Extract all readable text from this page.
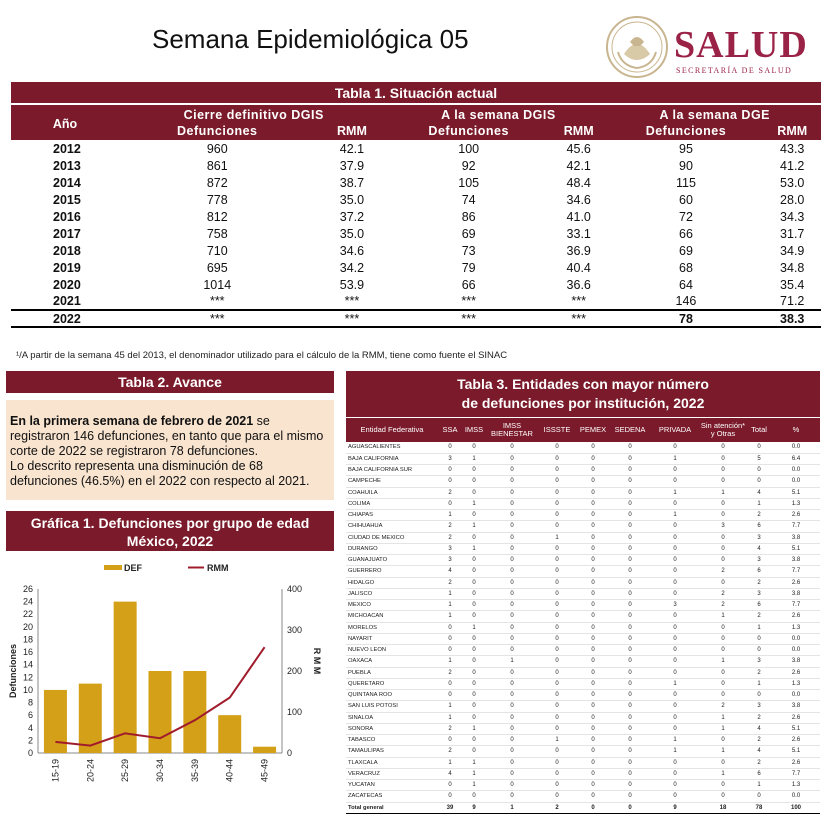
Semana Epidemiológica 05	SALUD
SECRETARÍA DE SALUD
Tabla 1. Situación actual						
Año	Cierre definitivo DGIS		A la semana DGIS		A la semana DGE	
	Defunciones	RMM	Defunciones	RMM	Defunciones	RMM
2012	960	42.1	100	45.6	95	43.3
2013	861	37.9	92	42.1	90	41.2
2014	872	38.7	105	48.4	115	53.0
2015	778	35.0	74	34.6	60	28.0
2016	812	37.2	86	41.0	72	34.3
2017	758	35.0	69	33.1	66	31.7
2018	710	34.6	73	36.9	69	34.9
2019	695	34.2	79	40.4	68	34.8
2020	1014	53.9	66	36.6	64	35.4
2021	***	***	***	***	146	71.2
2022	***	***	***	***	78	38.3
¹/A partir de la semana 45 del 2013, el denominador utilizado para el cálculo de la RMM, tiene como fuente el SINAC
Tabla 2. Avance
En la primera semana de febrero de 2021 se registraron 146 defunciones, en tanto que para el mismo corte de 2022 se registraron 78 defunciones.
Lo descrito representa una disminución de 68 defunciones (46.5%) en el 2022 con respecto al 2021.
Gráfica 1. Defunciones por grupo de edad
México, 2022
0
2
4
6
8
10
12
14
16
18
20
22
24
26
0
100
200
300
400
15-19	20-24	25-29	30-34	35-39	40-44	45-49
Defunciones	R M M
DEF	RMM
Tabla 3. Entidades con mayor número
de defunciones por institución, 2022
Entidad Federativa	SSA	IMSS	IMSS BIENESTAR	ISSSTE	PEMEX	SEDENA	PRIVADA	Sin atención* y Otras	Total	%
AGUASCALIENTES	0	0	0	0	0	0	0	0	0	0.0
BAJA CALIFORNIA	3	1	0	0	0	0	1	0	5	6.4
BAJA CALIFORNIA SUR	0	0	0	0	0	0	0	0	0	0.0
CAMPECHE	0	0	0	0	0	0	0	0	0	0.0
COAHUILA	2	0	0	0	0	0	1	1	4	5.1
COLIMA	0	1	0	0	0	0	0	0	1	1.3
CHIAPAS	1	0	0	0	0	0	1	0	2	2.6
CHIHUAHUA	2	1	0	0	0	0	0	3	6	7.7
CIUDAD DE MEXICO	2	0	0	1	0	0	0	0	3	3.8
DURANGO	3	1	0	0	0	0	0	0	4	5.1
GUANAJUATO	3	0	0	0	0	0	0	0	3	3.8
GUERRERO	4	0	0	0	0	0	0	2	6	7.7
HIDALGO	2	0	0	0	0	0	0	0	2	2.6
JALISCO	1	0	0	0	0	0	0	2	3	3.8
MEXICO	1	0	0	0	0	0	3	2	6	7.7
MICHOACAN	1	0	0	0	0	0	0	1	2	2.6
MORELOS	0	1	0	0	0	0	0	0	1	1.3
NAYARIT	0	0	0	0	0	0	0	0	0	0.0
NUEVO LEON	0	0	0	0	0	0	0	0	0	0.0
OAXACA	1	0	1	0	0	0	0	1	3	3.8
PUEBLA	2	0	0	0	0	0	0	0	2	2.6
QUERETARO	0	0	0	0	0	0	1	0	1	1.3
QUINTANA ROO	0	0	0	0	0	0	0	0	0	0.0
SAN LUIS POTOSI	1	0	0	0	0	0	0	2	3	3.8
SINALOA	1	0	0	0	0	0	0	1	2	2.6
SONORA	2	1	0	0	0	0	0	1	4	5.1
TABASCO	0	0	0	1	0	0	1	0	2	2.6
TAMAULIPAS	2	0	0	0	0	0	1	1	4	5.1
TLAXCALA	1	1	0	0	0	0	0	0	2	2.6
VERACRUZ	4	1	0	0	0	0	0	1	6	7.7
YUCATAN	0	1	0	0	0	0	0	0	1	1.3
ZACATECAS	0	0	0	0	0	0	0	0	0	0.0
Total general	39	9	1	2	0	0	9	18	78	100
